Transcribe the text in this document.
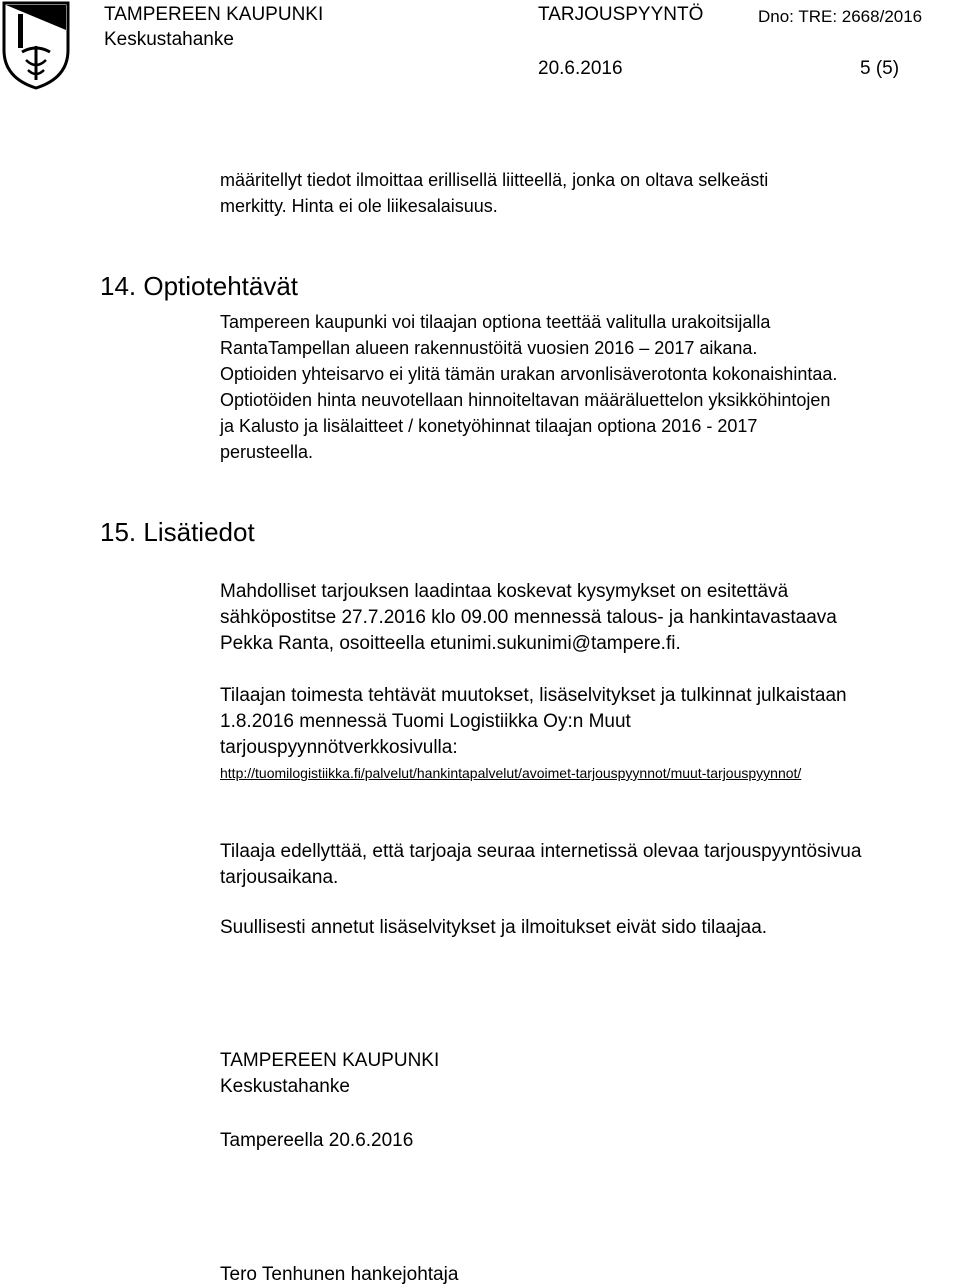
TAMPEREEN KAUPUNKI
Keskustahanke
TARJOUSPYYNTÖ	Dno: TRE: 2668/2016
20.6.2016	5 (5)
määritellyt tiedot ilmoittaa erillisellä liitteellä, jonka on oltava selkeästi
merkitty. Hinta ei ole liikesalaisuus.
14. Optiotehtävät
Tampereen kaupunki voi tilaajan optiona teettää valitulla urakoitsijalla
RantaTampellan alueen rakennustöitä vuosien 2016 – 2017 aikana.
Optioiden yhteisarvo ei ylitä tämän urakan arvonlisäverotonta kokonaishintaa.
Optiotöiden hinta neuvotellaan hinnoiteltavan määräluettelon yksikköhintojen
ja Kalusto ja lisälaitteet / konetyöhinnat tilaajan optiona 2016 - 2017
perusteella.
15. Lisätiedot
Mahdolliset tarjouksen laadintaa koskevat kysymykset on esitettävä
sähköpostitse 27.7.2016 klo 09.00 mennessä talous- ja hankintavastaava
Pekka Ranta, osoitteella etunimi.sukunimi@tampere.fi.
Tilaajan toimesta tehtävät muutokset, lisäselvitykset ja tulkinnat julkaistaan
1.8.2016 mennessä Tuomi Logistiikka Oy:n Muut
tarjouspyynnötverkkosivulla:
http://tuomilogistiikka.fi/palvelut/hankintapalvelut/avoimet-tarjouspyynnot/muut-tarjouspyynnot/
Tilaaja edellyttää, että tarjoaja seuraa internetissä olevaa tarjouspyyntösivua
tarjousaikana.
Suullisesti annetut lisäselvitykset ja ilmoitukset eivät sido tilaajaa.
TAMPEREEN KAUPUNKI
Keskustahanke
Tampereella 20.6.2016
Tero Tenhunen hankejohtaja
